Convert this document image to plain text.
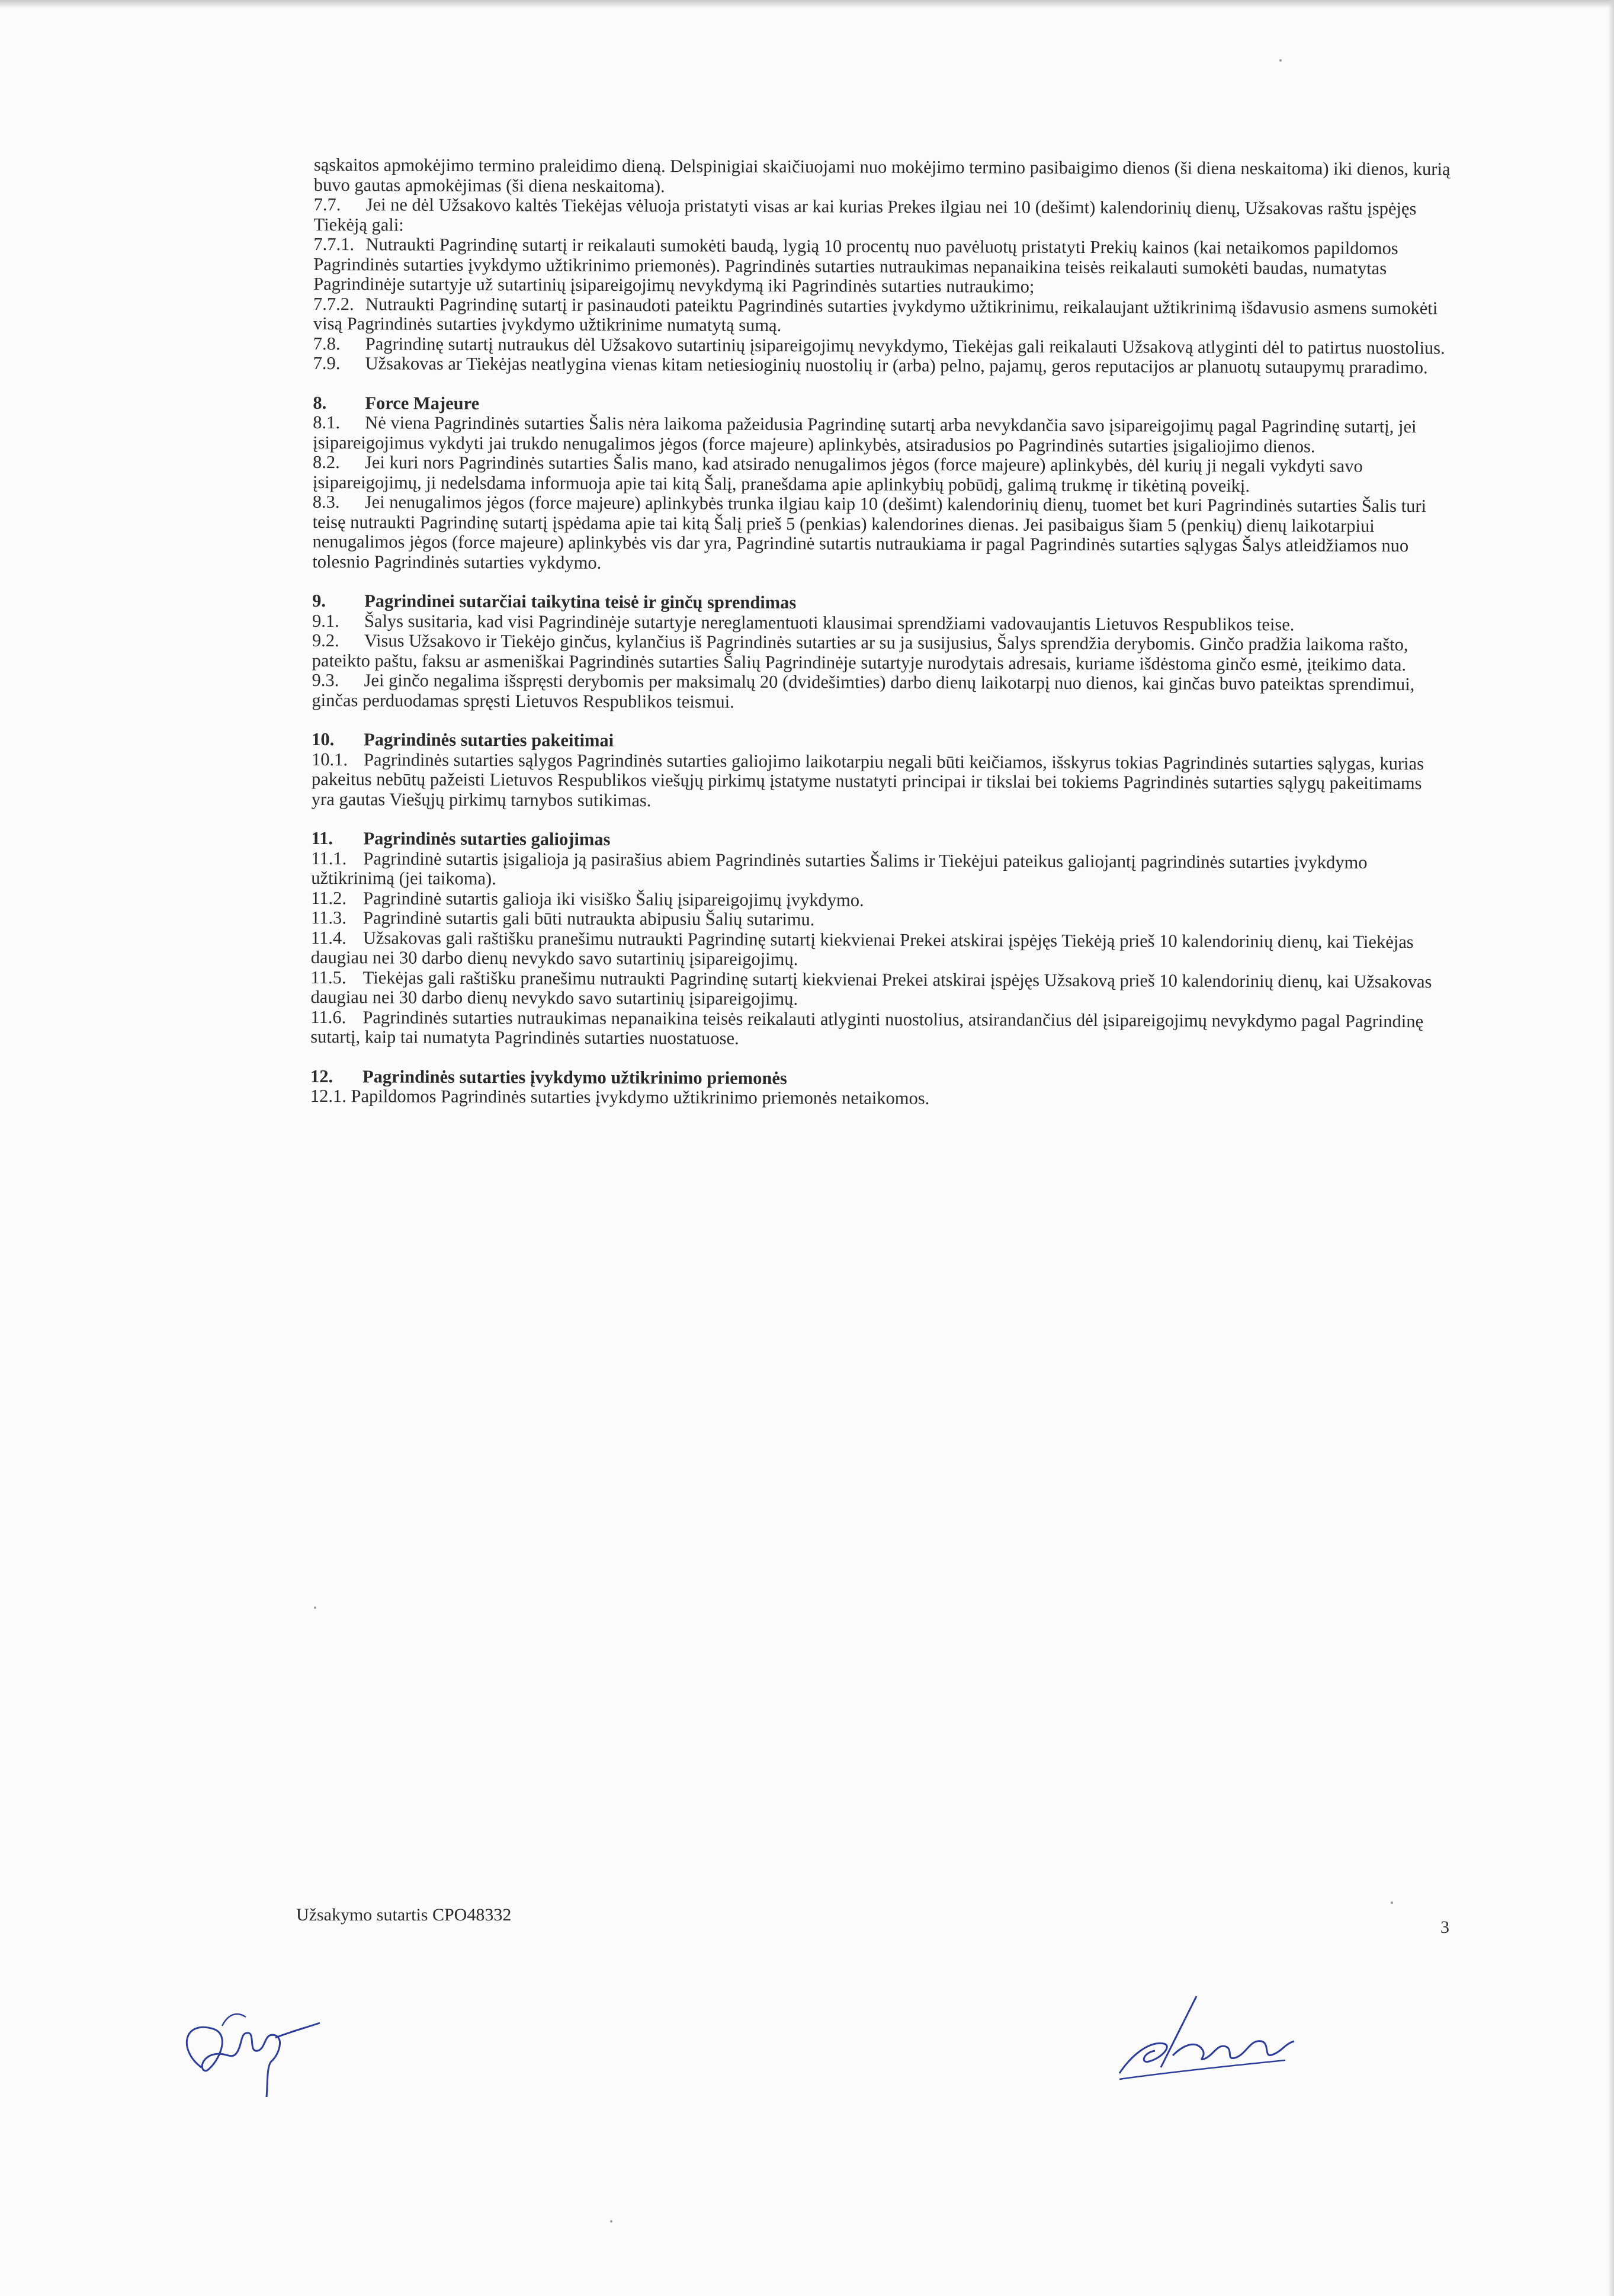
sąskaitos apmokėjimo termino praleidimo dieną. Delspinigiai skaičiuojami nuo mokėjimo termino pasibaigimo dienos (ši diena neskaitoma) iki dienos, kurią buvo gautas apmokėjimas (ši diena neskaitoma).

7.7. Jei ne dėl Užsakovo kaltės Tiekėjas vėluoja pristatyti visas ar kai kurias Prekes ilgiau nei 10 (dešimt) kalendorinių dienų, Užsakovas raštu įspėjęs Tiekėją gali:

7.7.1. Nutraukti Pagrindinę sutartį ir reikalauti sumokėti baudą, lygią 10 procentų nuo pavėluotų pristatyti Prekių kainos (kai netaikomos papildomos Pagrindinės sutarties įvykdymo užtikrinimo priemonės). Pagrindinės sutarties nutraukimas nepanaikina teisės reikalauti sumokėti baudas, numatytas Pagrindinėje sutartyje už sutartinių įsipareigojimų nevykdymą iki Pagrindinės sutarties nutraukimo;

7.7.2. Nutraukti Pagrindinę sutartį ir pasinaudoti pateiktu Pagrindinės sutarties įvykdymo užtikrinimu, reikalaujant užtikrinimą išdavusio asmens sumokėti visą Pagrindinės sutarties įvykdymo užtikrinime numatytą sumą.

7.8. Pagrindinę sutartį nutraukus dėl Užsakovo sutartinių įsipareigojimų nevykdymo, Tiekėjas gali reikalauti Užsakovą atlyginti dėl to patirtus nuostolius.

7.9. Užsakovas ar Tiekėjas neatlygina vienas kitam netiesioginių nuostolių ir (arba) pelno, pajamų, geros reputacijos ar planuotų sutaupymų praradimo.

8. Force Majeure

8.1. Nė viena Pagrindinės sutarties Šalis nėra laikoma pažeidusia Pagrindinę sutartį arba nevykdančia savo įsipareigojimų pagal Pagrindinę sutartį, jei įsipareigojimus vykdyti jai trukdo nenugalimos jėgos (force majeure) aplinkybės, atsiradusios po Pagrindinės sutarties įsigaliojimo dienos.

8.2. Jei kuri nors Pagrindinės sutarties Šalis mano, kad atsirado nenugalimos jėgos (force majeure) aplinkybės, dėl kurių ji negali vykdyti savo įsipareigojimų, ji nedelsdama informuoja apie tai kitą Šalį, pranešdama apie aplinkybių pobūdį, galimą trukmę ir tikėtiną poveikį.

8.3. Jei nenugalimos jėgos (force majeure) aplinkybės trunka ilgiau kaip 10 (dešimt) kalendorinių dienų, tuomet bet kuri Pagrindinės sutarties Šalis turi teisę nutraukti Pagrindinę sutartį įspėdama apie tai kitą Šalį prieš 5 (penkias) kalendorines dienas. Jei pasibaigus šiam 5 (penkių) dienų laikotarpiui nenugalimos jėgos (force majeure) aplinkybės vis dar yra, Pagrindinė sutartis nutraukiama ir pagal Pagrindinės sutarties sąlygas Šalys atleidžiamos nuo tolesnio Pagrindinės sutarties vykdymo.

9. Pagrindinei sutarčiai taikytina teisė ir ginčų sprendimas

9.1. Šalys susitaria, kad visi Pagrindinėje sutartyje nereglamentuoti klausimai sprendžiami vadovaujantis Lietuvos Respublikos teise.

9.2. Visus Užsakovo ir Tiekėjo ginčus, kylančius iš Pagrindinės sutarties ar su ja susijusius, Šalys sprendžia derybomis. Ginčo pradžia laikoma rašto, pateikto paštu, faksu ar asmeniškai Pagrindinės sutarties Šalių Pagrindinėje sutartyje nurodytais adresais, kuriame išdėstoma ginčo esmė, įteikimo data.

9.3. Jei ginčo negalima išspręsti derybomis per maksimalų 20 (dvidešimties) darbo dienų laikotarpį nuo dienos, kai ginčas buvo pateiktas sprendimui, ginčas perduodamas spręsti Lietuvos Respublikos teismui.

10. Pagrindinės sutarties pakeitimai

10.1. Pagrindinės sutarties sąlygos Pagrindinės sutarties galiojimo laikotarpiu negali būti keičiamos, išskyrus tokias Pagrindinės sutarties sąlygas, kurias pakeitus nebūtų pažeisti Lietuvos Respublikos viešųjų pirkimų įstatyme nustatyti principai ir tikslai bei tokiems Pagrindinės sutarties sąlygų pakeitimams yra gautas Viešųjų pirkimų tarnybos sutikimas.

11. Pagrindinės sutarties galiojimas

11.1. Pagrindinė sutartis įsigalioja ją pasirašius abiem Pagrindinės sutarties Šalims ir Tiekėjui pateikus galiojantį pagrindinės sutarties įvykdymo užtikrinimą (jei taikoma).

11.2. Pagrindinė sutartis galioja iki visiško Šalių įsipareigojimų įvykdymo.

11.3. Pagrindinė sutartis gali būti nutraukta abipusiu Šalių sutarimu.

11.4. Užsakovas gali raštišku pranešimu nutraukti Pagrindinę sutartį kiekvienai Prekei atskirai įspėjęs Tiekėją prieš 10 kalendorinių dienų, kai Tiekėjas daugiau nei 30 darbo dienų nevykdo savo sutartinių įsipareigojimų.

11.5. Tiekėjas gali raštišku pranešimu nutraukti Pagrindinę sutartį kiekvienai Prekei atskirai įspėjęs Užsakovą prieš 10 kalendorinių dienų, kai Užsakovas daugiau nei 30 darbo dienų nevykdo savo sutartinių įsipareigojimų.

11.6. Pagrindinės sutarties nutraukimas nepanaikina teisės reikalauti atlyginti nuostolius, atsirandančius dėl įsipareigojimų nevykdymo pagal Pagrindinę sutartį, kaip tai numatyta Pagrindinės sutarties nuostatuose.

12. Pagrindinės sutarties įvykdymo užtikrinimo priemonės

12.1. Papildomos Pagrindinės sutarties įvykdymo užtikrinimo priemonės netaikomos.

Užsakymo sutartis CPO48332
3
